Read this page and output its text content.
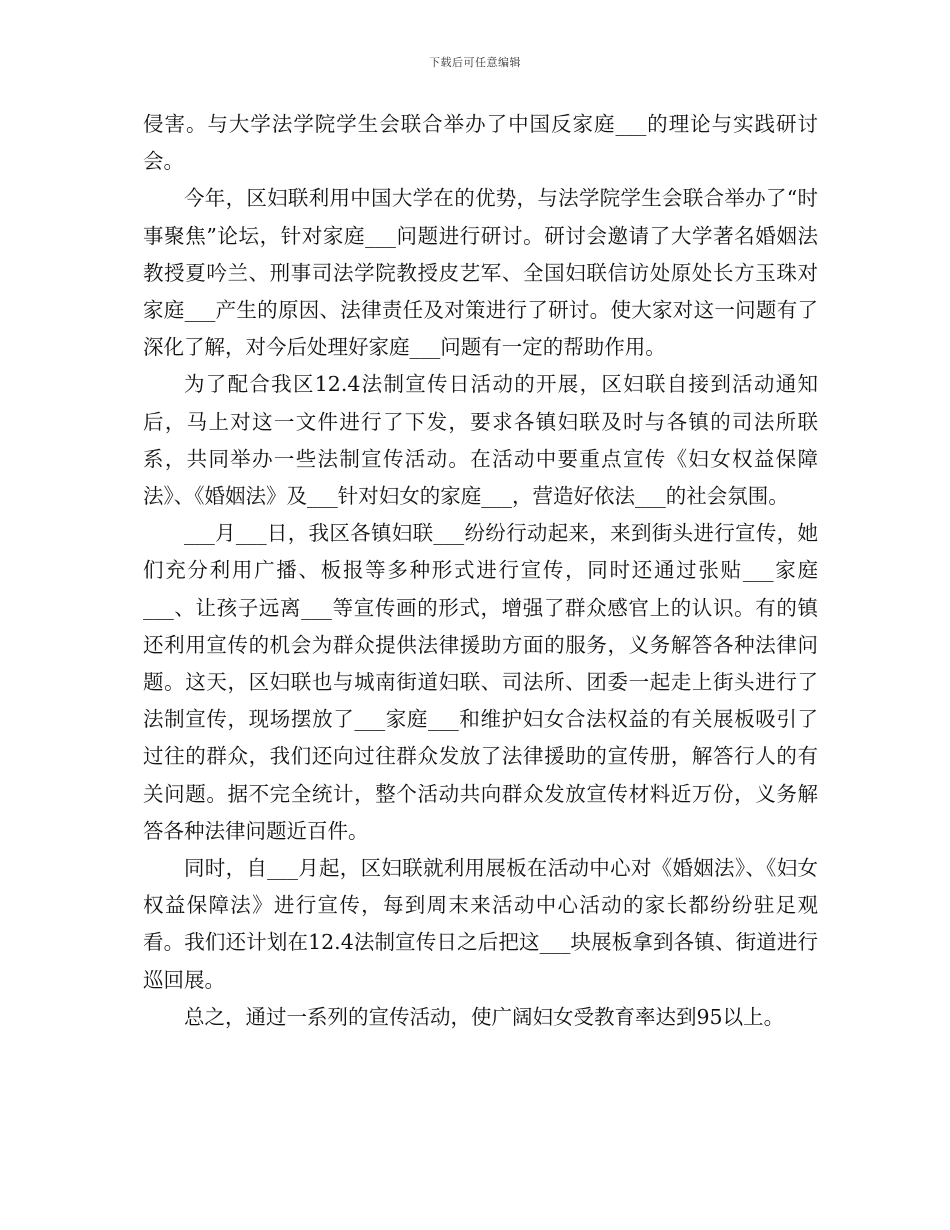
下载后可任意编辑

侵害。与大学法学院学生会联合举办了中国反家庭___的理论与实践研讨会。

今年，区妇联利用中国大学在的优势，与法学院学生会联合举办了“时事聚焦”论坛，针对家庭___问题进行研讨。研讨会邀请了大学著名婚姻法教授夏吟兰、刑事司法学院教授皮艺军、全国妇联信访处原处长方玉珠对家庭___产生的原因、法律责任及对策进行了研讨。使大家对这一问题有了深化了解，对今后处理好家庭___问题有一定的帮助作用。

为了配合我区12.4法制宣传日活动的开展，区妇联自接到活动通知后，马上对这一文件进行了下发，要求各镇妇联及时与各镇的司法所联系，共同举办一些法制宣传活动。在活动中要重点宣传《妇女权益保障法》、《婚姻法》及___针对妇女的家庭___，营造好依法___的社会氛围。

___月___日，我区各镇妇联___纷纷行动起来，来到街头进行宣传，她们充分利用广播、板报等多种形式进行宣传，同时还通过张贴___家庭___、让孩子远离___等宣传画的形式，增强了群众感官上的认识。有的镇还利用宣传的机会为群众提供法律援助方面的服务，义务解答各种法律问题。这天，区妇联也与城南街道妇联、司法所、团委一起走上街头进行了法制宣传，现场摆放了___家庭___和维护妇女合法权益的有关展板吸引了过往的群众，我们还向过往群众发放了法律援助的宣传册，解答行人的有关问题。据不完全统计，整个活动共向群众发放宣传材料近万份，义务解答各种法律问题近百件。

同时，自___月起，区妇联就利用展板在活动中心对《婚姻法》、《妇女权益保障法》进行宣传，每到周末来活动中心活动的家长都纷纷驻足观看。我们还计划在12.4法制宣传日之后把这___块展板拿到各镇、街道进行巡回展。

总之，通过一系列的宣传活动，使广阔妇女受教育率达到95以上。
